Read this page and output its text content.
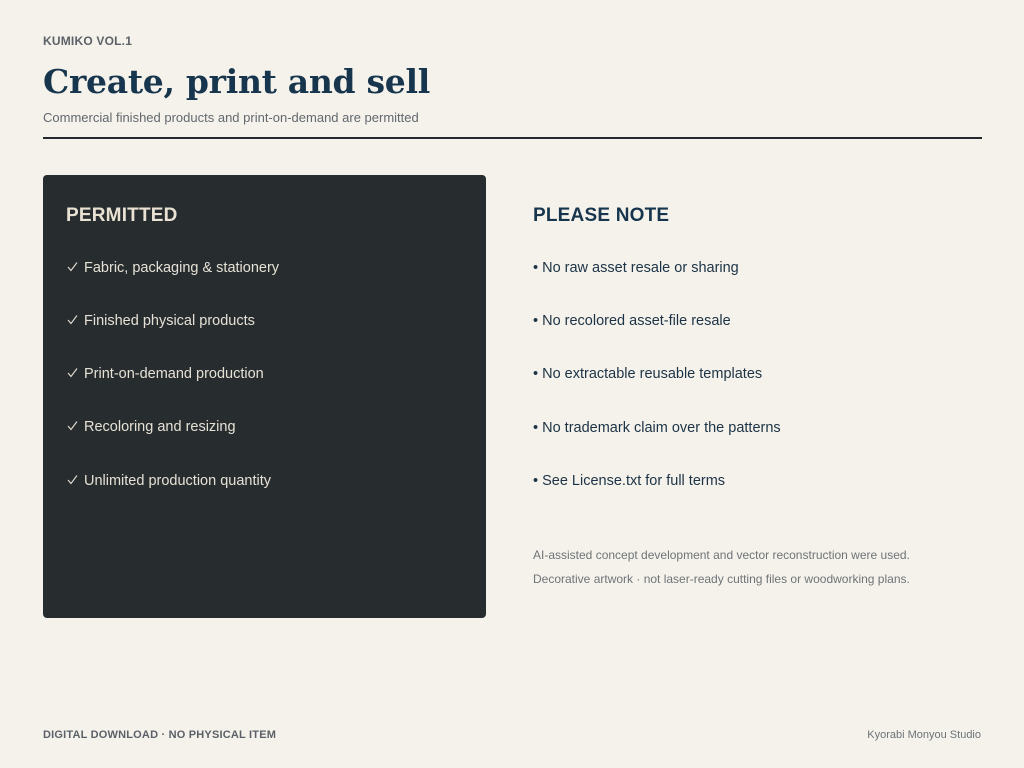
KUMIKO VOL.1
Create, print and sell
Commercial finished products and print-on-demand are permitted
PERMITTED
Fabric, packaging & stationery
Finished physical products
Print-on-demand production
Recoloring and resizing
Unlimited production quantity
PLEASE NOTE
• No raw asset resale or sharing
• No recolored asset-file resale
• No extractable reusable templates
• No trademark claim over the patterns
• See License.txt for full terms
AI-assisted concept development and vector reconstruction were used.
Decorative artwork · not laser-ready cutting files or woodworking plans.
DIGITAL DOWNLOAD · NO PHYSICAL ITEM	Kyorabi Monyou Studio
